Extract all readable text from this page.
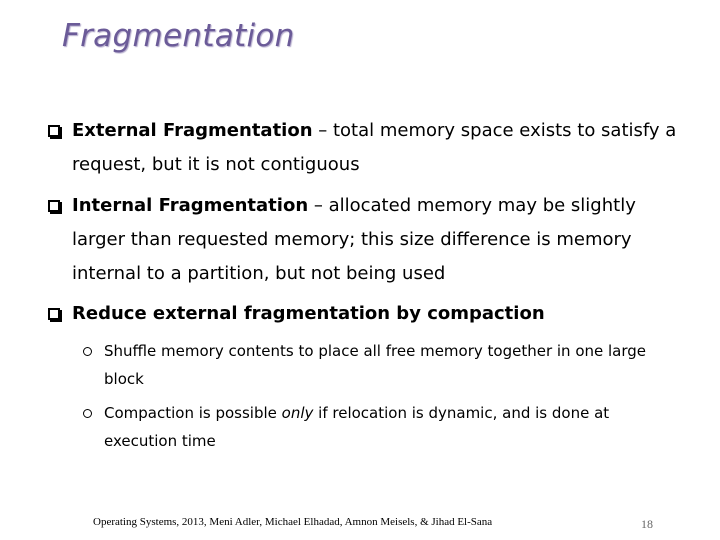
Fragmentation
External Fragmentation – total memory space exists to satisfy a request, but it is not contiguous
Internal Fragmentation – allocated memory may be slightly larger than requested memory; this size difference is memory internal to a partition, but not being used
Reduce external fragmentation by compaction
Shuffle memory contents to place all free memory together in one large block
Compaction is possible only if relocation is dynamic, and is done at execution time
Operating Systems, 2013, Meni Adler, Michael Elhadad, Amnon Meisels, & Jihad El-Sana	18
